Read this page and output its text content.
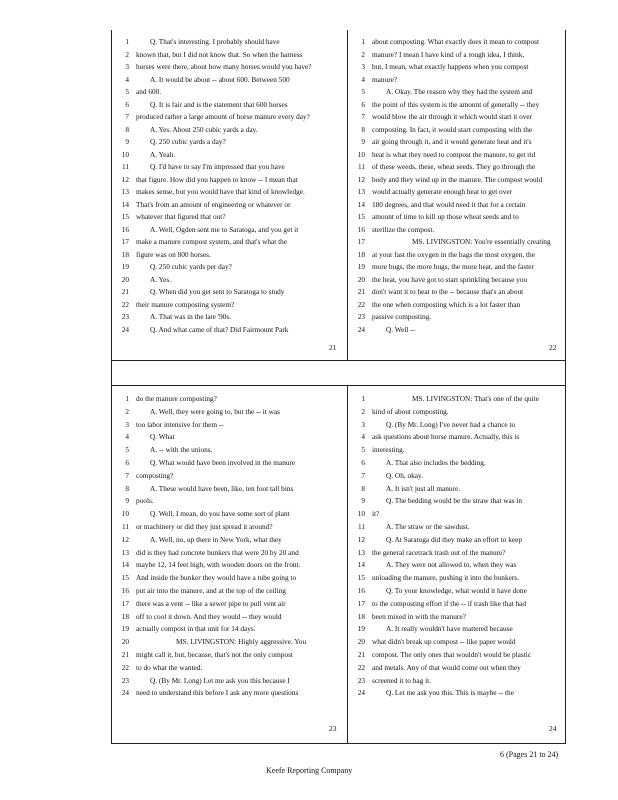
1	Q. That's interesting. I probably should have
2 known that, but I did not know that. So when the harness
3 horses were there, about how many horses would you have?
4	A. It would be about -- about 600. Between 500
5 and 600.
6	Q. It is fair and is the statement that 600 horses
7 produced rather a large amount of horse manure every day?
8	A. Yes. About 250 cubic yards a day.
9	Q. 250 cubic yards a day?
10	A. Yeah.
11	Q. I'd have to say I'm impressed that you have
12 that figure. How did you happen to know -- I mean that
13 makes sense, but you would have that kind of knowledge.
14 That's from an amount of engineering or whatever or
15 whatever that figured that out?
16	A. Well, Ogden sent me to Saratoga, and you get it
17 make a manure compost system, and that's what the
18 figure was on 800 horses.
19	Q. 250 cubic yards per day?
20	A. Yes.
21	Q. When did you get sent to Saratoga to study
22 their manure composting system?
23	A. That was in the late '90s.
24	Q. And what came of that? Did Fairmount Park
1 about composting. What exactly does it mean to compost
2 manure? I mean I have kind of a rough idea, I think,
3 but, I mean, what exactly happens when you compost
4 manure?
5	A. Okay. The reason why they had the system and
6 the point of this system is the amount of generally -- they
7 would blow the air through it which would start it over
8 composting. In fact, it would start composting with the
9 air going through it, and it would generate heat and it's
10 heat is what they need to compost the manure, to get rid
11 of these weeds, these, wheat seeds. They go through the
12 body and they wind up in the manure. The compost would
13 would actually generate enough heat to get over
14 180 degrees, and that would need it that for a certain
15 amount of time to kill up those wheat seeds and to
16 sterilize the compost.
17	MS. LIVINGSTON: You're essentially creating
18 at your fast the oxygen in the bags the most oxygen, the
19 more bugs, the more bugs, the more heat, and the faster
20 the heat, you have got to start sprinkling because you
21 don't want it to heat to the -- because that's an about
22 the one when composting which is a lot faster than
23 passive composting.
24	Q. Well --
1 do the manure composting?
2	A. Well, they were going to, but the -- it was
3 too labor intensive for them --
4	Q. What
5	A. -- with the unions.
6	Q. What would have been involved in the manure
7 composting?
8	A. These would have been, like, ten foot tall bins
9 pools.
10	Q. Well, I mean, do you have some sort of plant
11 or machinery or did they just spread it around?
12	A. Well, no, up there in New York, what they
13 did is they had concrete bunkers that were 20 by 20 and
14 maybe 12, 14 feet high, with wooden doors on the front.
15 And inside the bunker they would have a tube going to
16 put air into the manure, and at the top of the ceiling
17 there was a vent -- like a sewer pipe to pull vent air
18 off to cool it down. And they would -- they would
19 actually compost in that unit for 14 days.
20	MS. LIVINGSTON: Highly aggressive. You
21 might call it, but, because, that's not the only compost
22 to do what the wanted.
23	Q. (By Mr. Long) Let me ask you this because I
24 need to understand this before I ask any more questions
1	MS. LIVINGSTON: That's one of the quite
2 kind of about composting.
3	Q. (By Mr. Long) I've never had a chance to
4 ask questions about horse manure. Actually, this is
5 interesting.
6	A. That also includes the bedding.
7	Q. Oh, okay.
8	A. It isn't just all manure.
9	Q. The bedding would be the straw that was in
10 it?
11	A. The straw or the sawdust.
12	Q. At Saratoga did they make an effort to keep
13 the general racetrack trash out of the manure?
14	A. They were not allowed to, when they was
15 unloading the manure, pushing it into the bunkers.
16	Q. To your knowledge, what would it have done
17 to the composting effort if the -- if trash like that had
18 been mixed in with the manure?
19	A. It really wouldn't have mattered because
20 what didn't break up compost -- like paper would
21 compost. The only ones that wouldn't would be plastic
22 and metals. Any of that would come out when they
23 screened it to bag it.
24	Q. Let me ask you this. This is maybe -- the
21	22
23	24
6 (Pages 21 to 24)
Keefe Reporting Company
